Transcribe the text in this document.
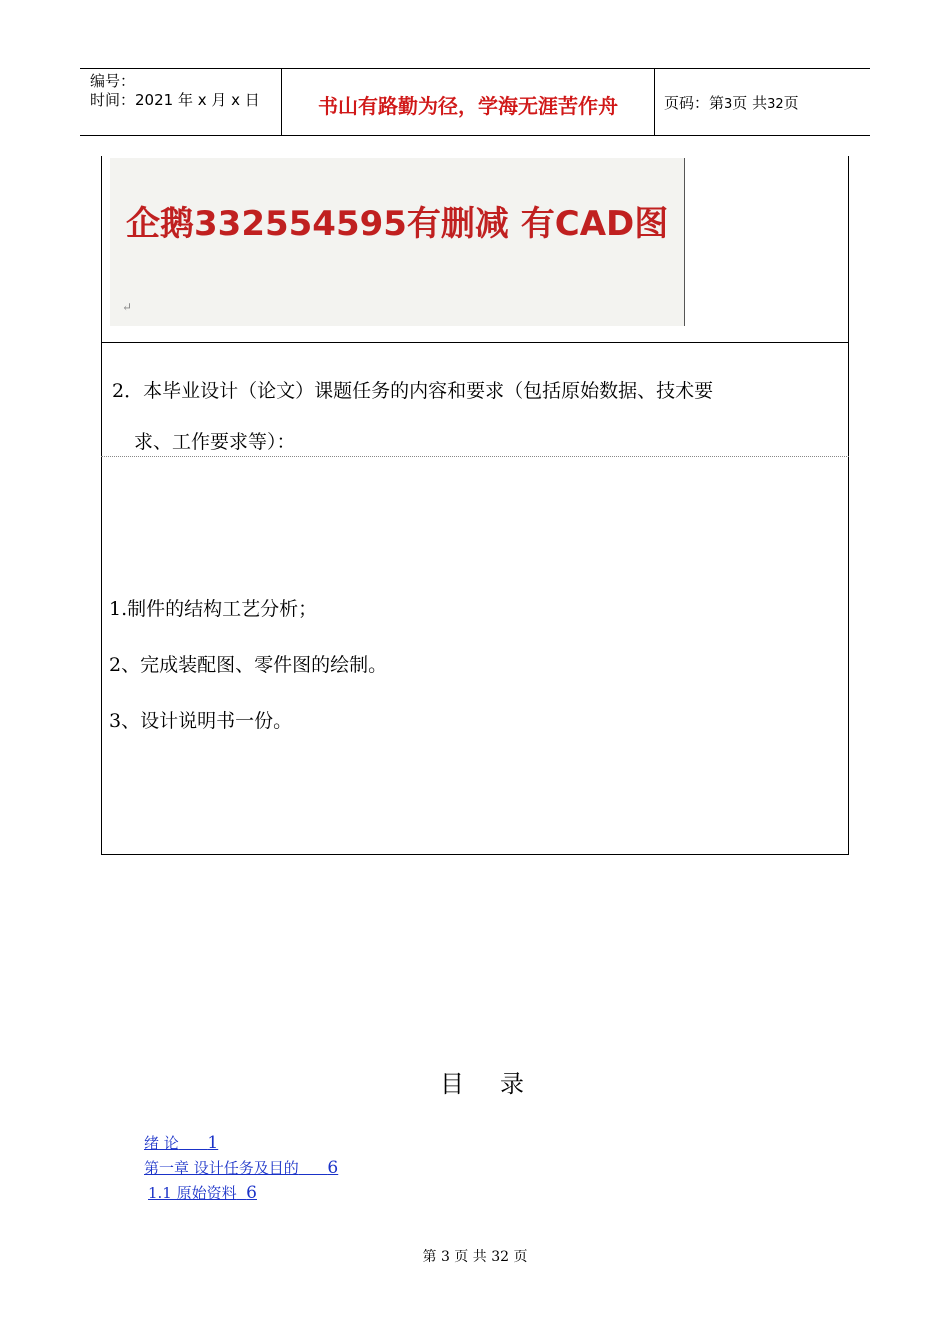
编号：
时间：2021 年 x 月 x 日	书山有路勤为径，学海无涯苦作舟	页码：第3页 共32页
企鹅332554595有删减 有CAD图
↵
2．本毕业设计（论文）课题任务的内容和要求（包括原始数据、技术要
求、工作要求等）：
1.制件的结构工艺分析；
2、完成装配图、零件图的绘制。
3、设计说明书一份。
目录
绪 论 1
第一章 设计任务及目的 6
1.1 原始资料 6
第 3 页 共 32 页
